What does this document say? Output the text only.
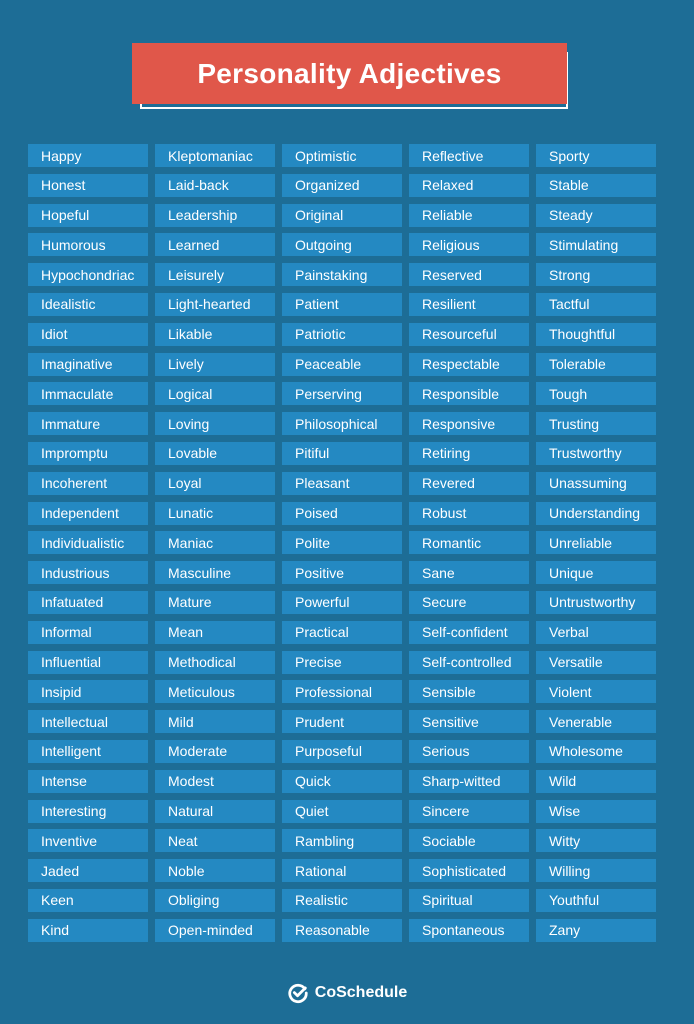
Personality Adjectives
Happy
Honest
Hopeful
Humorous
Hypochondriac
Idealistic
Idiot
Imaginative
Immaculate
Immature
Impromptu
Incoherent
Independent
Individualistic
Industrious
Infatuated
Informal
Influential
Insipid
Intellectual
Intelligent
Intense
Interesting
Inventive
Jaded
Keen
Kind
Kleptomaniac
Laid-back
Leadership
Learned
Leisurely
Light-hearted
Likable
Lively
Logical
Loving
Lovable
Loyal
Lunatic
Maniac
Masculine
Mature
Mean
Methodical
Meticulous
Mild
Moderate
Modest
Natural
Neat
Noble
Obliging
Open-minded
Optimistic
Organized
Original
Outgoing
Painstaking
Patient
Patriotic
Peaceable
Perserving
Philosophical
Pitiful
Pleasant
Poised
Polite
Positive
Powerful
Practical
Precise
Professional
Prudent
Purposeful
Quick
Quiet
Rambling
Rational
Realistic
Reasonable
Reflective
Relaxed
Reliable
Religious
Reserved
Resilient
Resourceful
Respectable
Responsible
Responsive
Retiring
Revered
Robust
Romantic
Sane
Secure
Self-confident
Self-controlled
Sensible
Sensitive
Serious
Sharp-witted
Sincere
Sociable
Sophisticated
Spiritual
Spontaneous
Sporty
Stable
Steady
Stimulating
Strong
Tactful
Thoughtful
Tolerable
Tough
Trusting
Trustworthy
Unassuming
Understanding
Unreliable
Unique
Untrustworthy
Verbal
Versatile
Violent
Venerable
Wholesome
Wild
Wise
Witty
Willing
Youthful
Zany
CoSchedule
